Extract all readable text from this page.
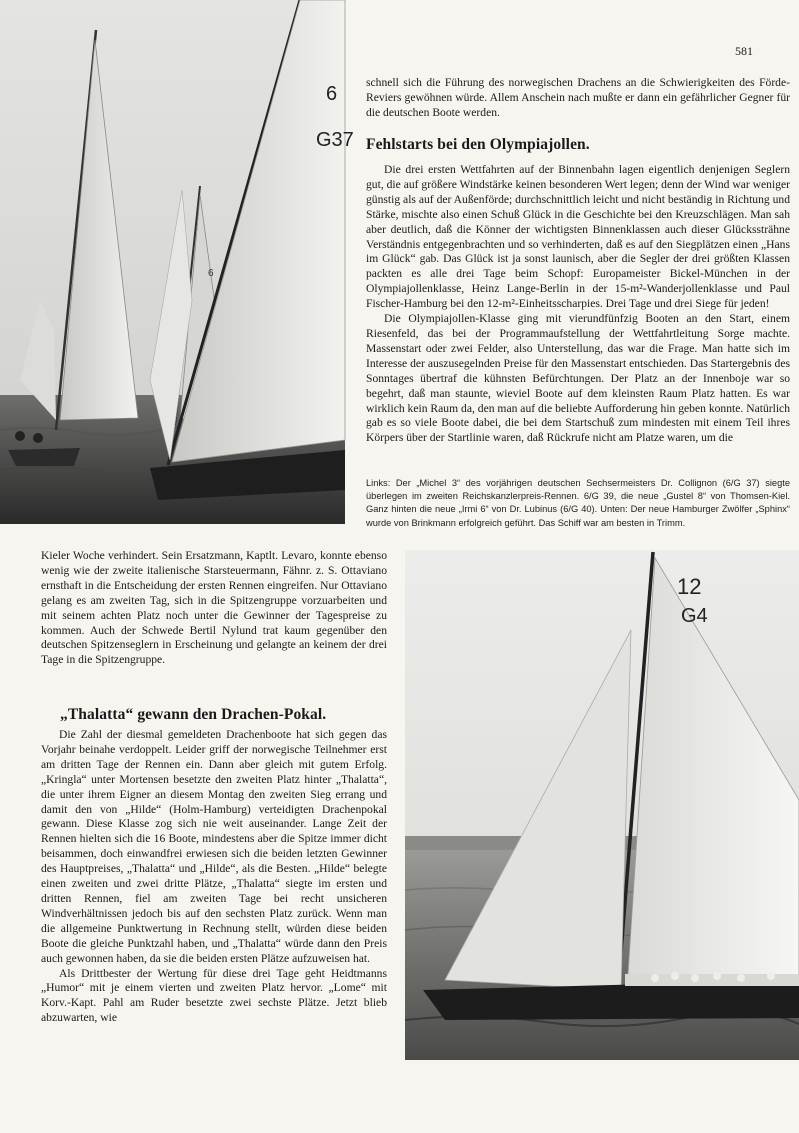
581
6
6
G37

schnell sich die Führung des norwegischen Drachens an die Schwierigkeiten des Förde-Reviers gewöhnen würde. Allem Anschein nach mußte er dann ein gefährlicher Gegner für die deutschen Boote werden.

Fehlstarts bei den Olympiajollen.

Die drei ersten Wettfahrten auf der Binnenbahn lagen eigentlich denjenigen Seglern gut, die auf größere Windstärke keinen besonderen Wert legen; denn der Wind war weniger günstig als auf der Außenförde; durchschnittlich leicht und nicht beständig in Richtung und Stärke, mischte also einen Schuß Glück in die Geschichte bei den Kreuzschlägen. Man sah aber deutlich, daß die Könner der wichtigsten Binnenklassen auch dieser Glückssträhne Verständnis entgegenbrachten und so verhinderten, daß es auf den Siegplätzen einen „Hans im Glück“ gab. Das Glück ist ja sonst launisch, aber die Segler der drei größten Klassen packten es alle drei Tage beim Schopf: Europameister Bickel-München in der Olympiajollenklasse, Heinz Lange-Berlin in der 15-m²-Wanderjollenklasse und Paul Fischer-Hamburg bei den 12-m²-Einheitsscharpies. Drei Tage und drei Siege für jeden!

Die Olympiajollen-Klasse ging mit vierundfünfzig Booten an den Start, einem Riesenfeld, das bei der Programmaufstellung der Wettfahrtleitung Sorge machte. Massenstart oder zwei Felder, also Unterstellung, das war die Frage. Man hatte sich im Interesse der auszusegelnden Preise für den Massenstart entschieden. Das Startergebnis des Sonntages übertraf die kühnsten Befürchtungen. Der Platz an der Innenboje war so begehrt, daß man staunte, wieviel Boote auf dem kleinsten Raum Platz hatten. Es war wirklich kein Raum da, den man auf die beliebte Aufforderung hin geben konnte. Natürlich gab es so viele Boote dabei, die bei dem Startschuß zum mindesten mit einem Teil ihres Körpers über der Startlinie waren, daß Rückrufe nicht am Platze waren, um die

Links: Der „Michel 3“ des vorjährigen deutschen Sechsermeisters Dr. Collignon (6/G 37) siegte überlegen im zweiten Reichskanzlerpreis-Rennen. 6/G 39, die neue „Gustel 8“ von Thomsen-Kiel. Ganz hinten die neue „Irmi 6“ von Dr. Lubinus (6/G 40). Unten: Der neue Hamburger Zwölfer „Sphinx“ wurde von Brinkmann erfolgreich geführt. Das Schiff war am besten in Trimm.

Kieler Woche verhindert. Sein Ersatzmann, Kaptlt. Levaro, konnte ebenso wenig wie der zweite italienische Starsteuermann, Fähnr. z. S. Ottaviano ernsthaft in die Entscheidung der ersten Rennen eingreifen. Nur Ottaviano gelang es am zweiten Tag, sich in die Spitzengruppe vorzuarbeiten und mit seinem achten Platz noch unter die Gewinner der Tagespreise zu kommen. Auch der Schwede Bertil Nylund trat kaum gegenüber den deutschen Spitzenseglern in Erscheinung und gelangte an keinem der drei Tage in die Spitzengruppe.

„Thalatta“ gewann den Drachen-Pokal.

Die Zahl der diesmal gemeldeten Drachenboote hat sich gegen das Vorjahr beinahe verdoppelt. Leider griff der norwegische Teilnehmer erst am dritten Tage der Rennen ein. Dann aber gleich mit gutem Erfolg. „Kringla“ unter Mortensen besetzte den zweiten Platz hinter „Thalatta“, die unter ihrem Eigner an diesem Montag den zweiten Sieg errang und damit den von „Hilde“ (Holm-Hamburg) verteidigten Drachenpokal gewann. Diese Klasse zog sich nie weit auseinander. Lange Zeit der Rennen hielten sich die 16 Boote, mindestens aber die Spitze immer dicht beisammen, doch einwandfrei erwiesen sich die beiden letzten Gewinner des Hauptpreises, „Thalatta“ und „Hilde“, als die Besten. „Hilde“ belegte einen zweiten und zwei dritte Plätze, „Thalatta“ siegte im ersten und dritten Rennen, fiel am zweiten Tage bei recht unsicheren Windverhältnissen jedoch bis auf den sechsten Platz zurück. Wenn man die allgemeine Punktwertung in Rechnung stellt, würden diese beiden Boote die gleiche Punktzahl haben, und „Thalatta“ würde dann den Preis auch gewonnen haben, da sie die beiden ersten Plätze aufzuweisen hat.

Als Drittbester der Wertung für diese drei Tage geht Heidtmanns „Humor“ mit je einem vierten und zweiten Platz hervor. „Lome“ mit Korv.-Kapt. Pahl am Ruder besetzte zwei sechste Plätze. Jetzt blieb abzuwarten, wie

12
G4
